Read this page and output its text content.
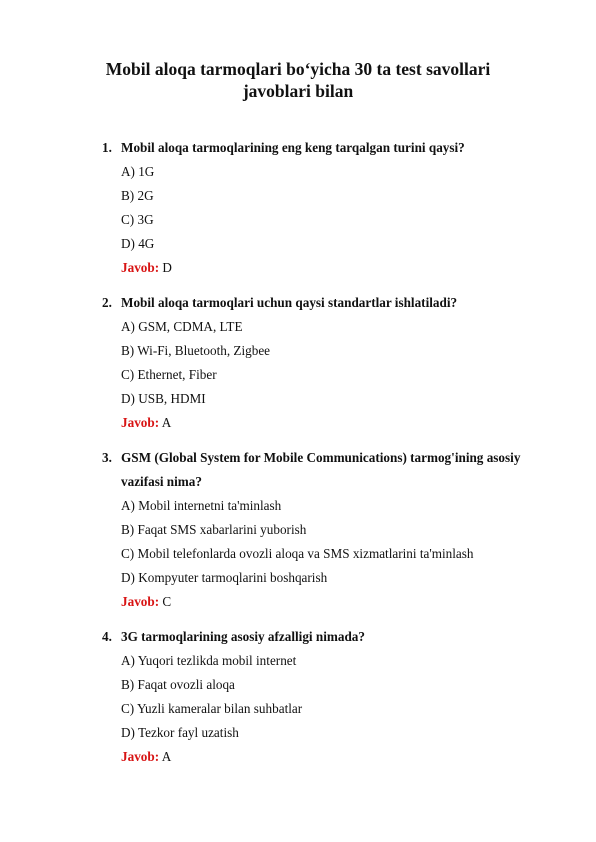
Mobil aloqa tarmoqlari bo‘yicha 30 ta test savollari
javoblari bilan
1. Mobil aloqa tarmoqlarining eng keng tarqalgan turini qaysi?
A) 1G
B) 2G
C) 3G
D) 4G
Javob: D
2. Mobil aloqa tarmoqlari uchun qaysi standartlar ishlatiladi?
A) GSM, CDMA, LTE
B) Wi-Fi, Bluetooth, Zigbee
C) Ethernet, Fiber
D) USB, HDMI
Javob: A
3. GSM (Global System for Mobile Communications) tarmog'ining asosiy vazifasi nima?
A) Mobil internetni ta'minlash
B) Faqat SMS xabarlarini yuborish
C) Mobil telefonlarda ovozli aloqa va SMS xizmatlarini ta'minlash
D) Kompyuter tarmoqlarini boshqarish
Javob: C
4. 3G tarmoqlarining asosiy afzalligi nimada?
A) Yuqori tezlikda mobil internet
B) Faqat ovozli aloqa
C) Yuzli kameralar bilan suhbatlar
D) Tezkor fayl uzatish
Javob: A
